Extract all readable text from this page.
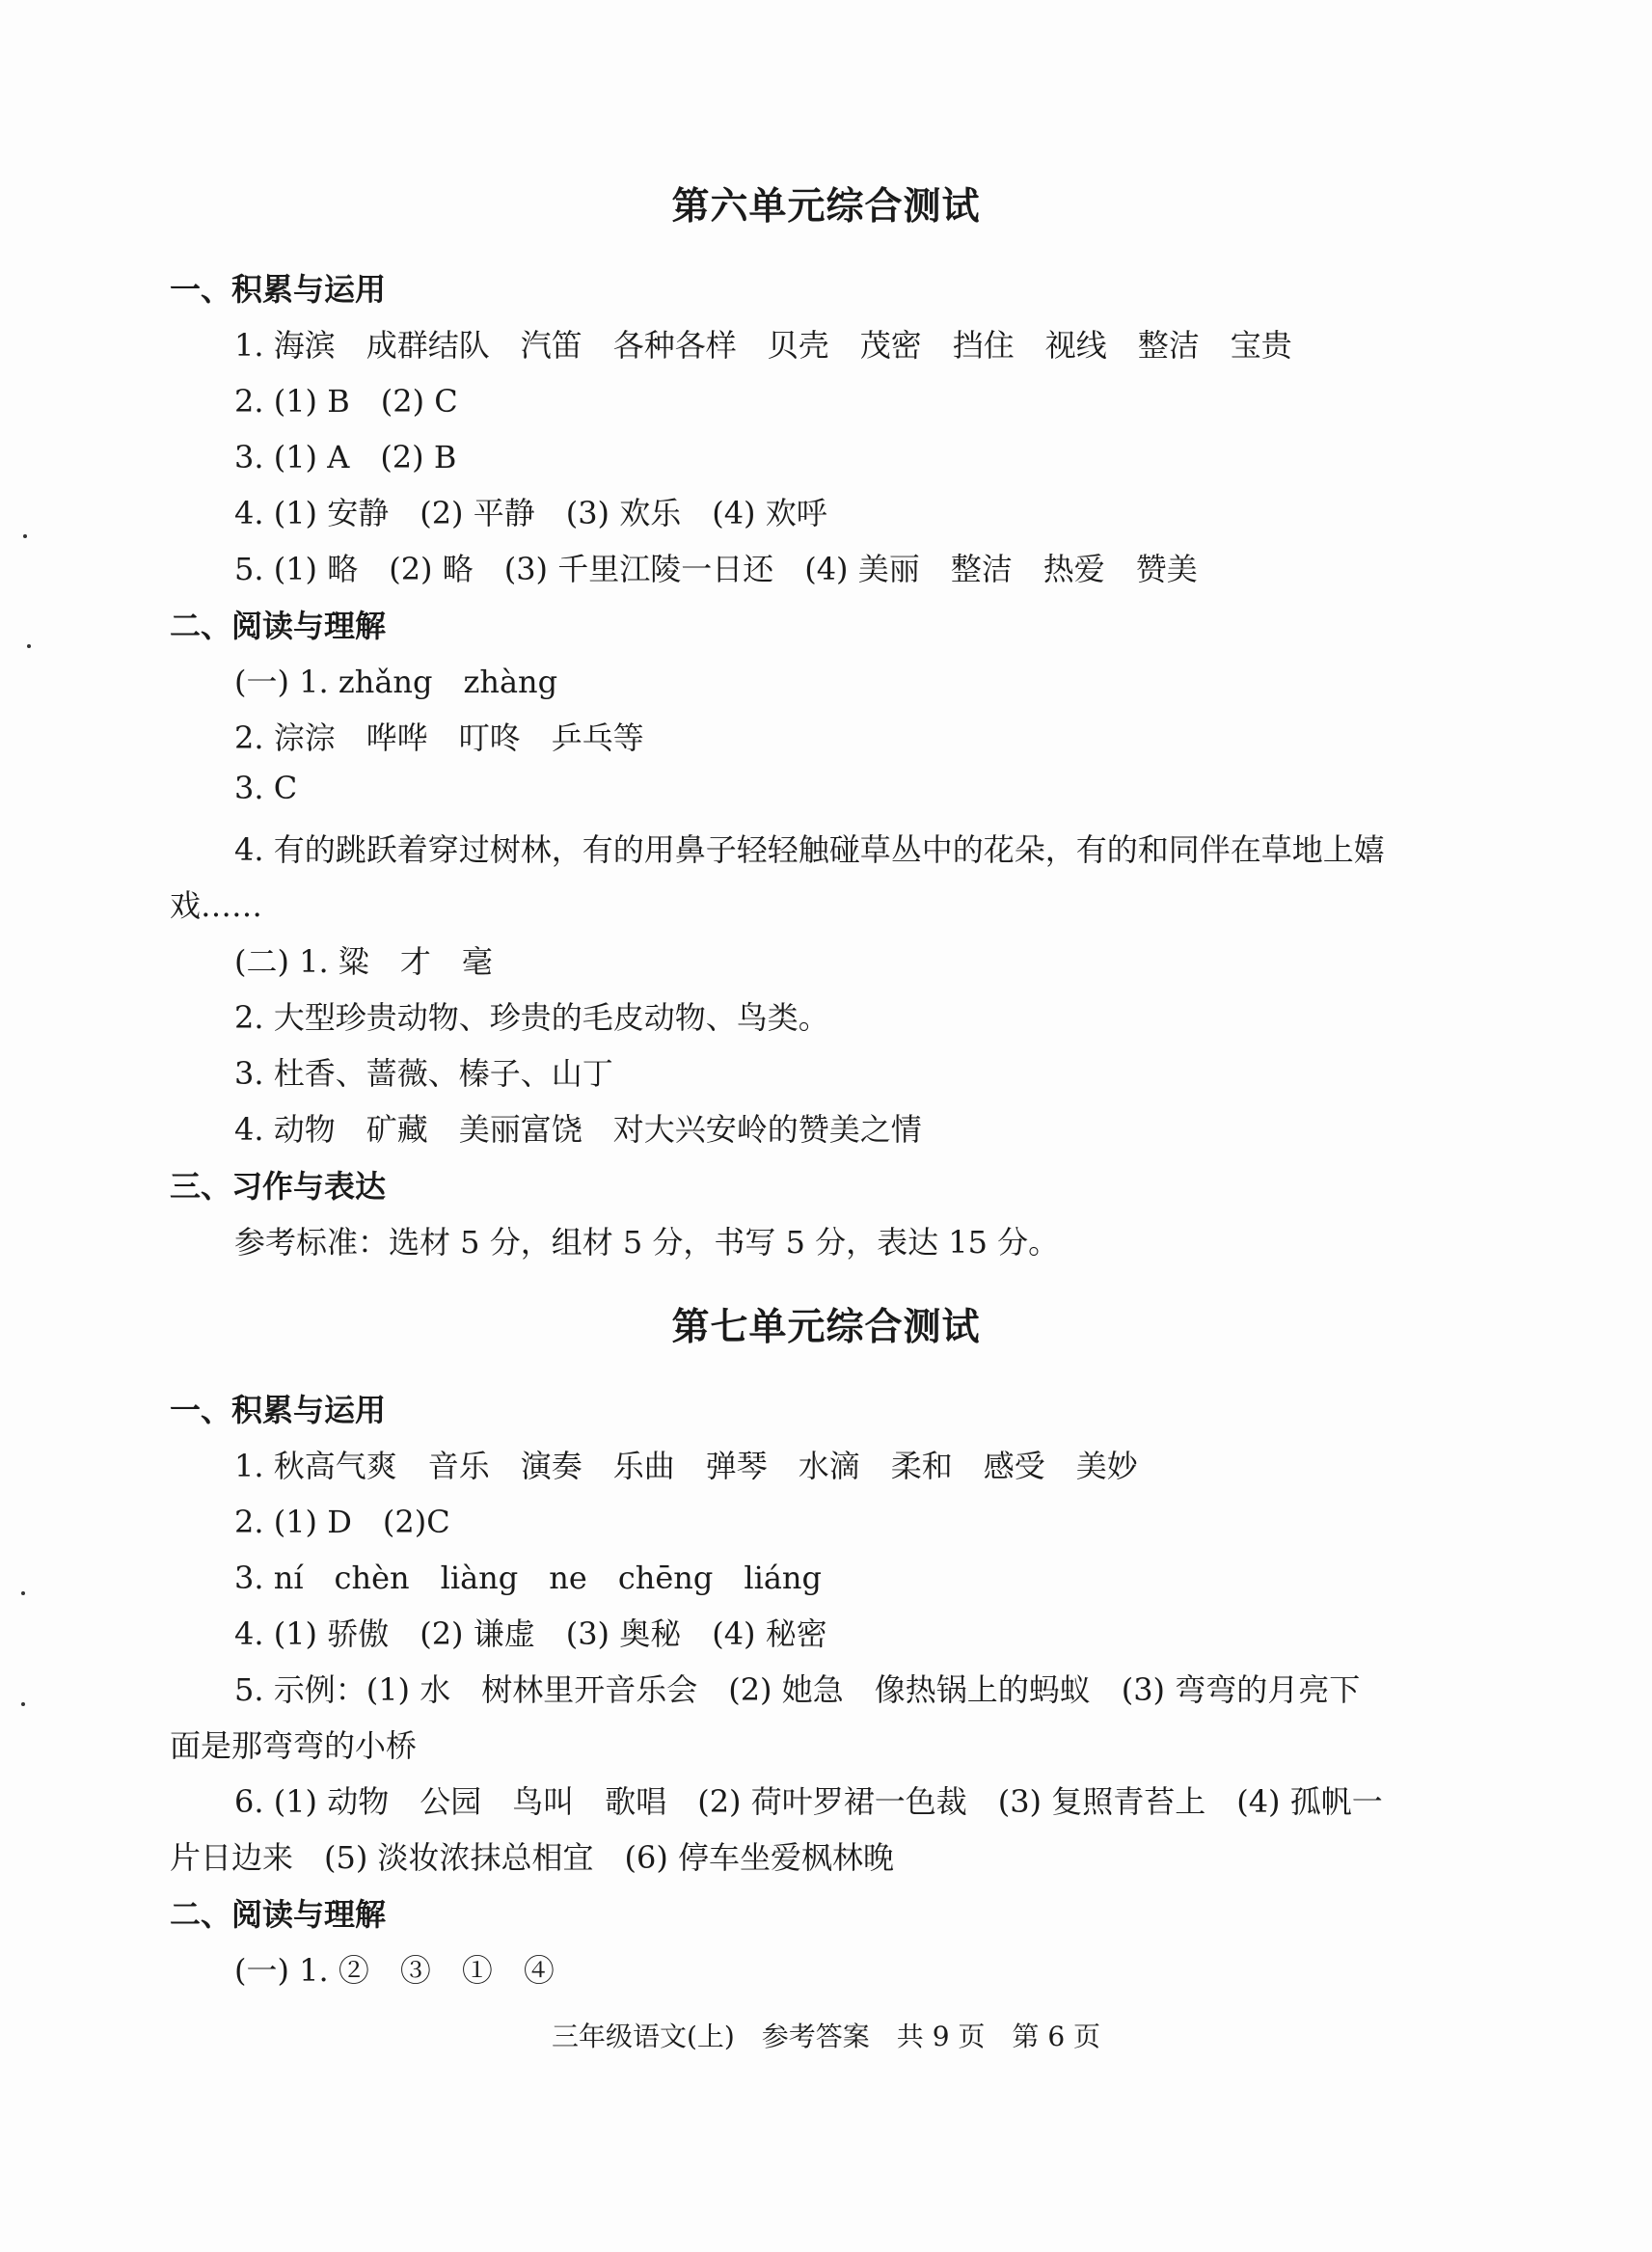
第六单元综合测试
一、积累与运用
1. 海滨　成群结队　汽笛　各种各样　贝壳　茂密　挡住　视线　整洁　宝贵
2. (1) B　(2) C
3. (1) A　(2) B
4. (1) 安静　(2) 平静　(3) 欢乐　(4) 欢呼
5. (1) 略　(2) 略　(3) 千里江陵一日还　(4) 美丽　整洁　热爱　赞美
二、阅读与理解
(一) 1. zhǎng　zhàng
2. 淙淙　哗哗　叮咚　乒乓等
3. C
4. 有的跳跃着穿过树林，有的用鼻子轻轻触碰草丛中的花朵，有的和同伴在草地上嬉
戏……
(二) 1. 粱　才　毫
2. 大型珍贵动物、珍贵的毛皮动物、鸟类。
3. 杜香、蔷薇、榛子、山丁
4. 动物　矿藏　美丽富饶　对大兴安岭的赞美之情
三、习作与表达
参考标准：选材 5 分，组材 5 分，书写 5 分，表达 15 分。
第七单元综合测试
一、积累与运用
1. 秋高气爽　音乐　演奏　乐曲　弹琴　水滴　柔和　感受　美妙
2. (1) D　(2)C
3. ní　chèn　liàng　ne　chēng　liáng
4. (1) 骄傲　(2) 谦虚　(3) 奥秘　(4) 秘密
5. 示例：(1) 水　树林里开音乐会　(2) 她急　像热锅上的蚂蚁　(3) 弯弯的月亮下
面是那弯弯的小桥
6. (1) 动物　公园　鸟叫　歌唱　(2) 荷叶罗裙一色裁　(3) 复照青苔上　(4) 孤帆一
片日边来　(5) 淡妆浓抹总相宜　(6) 停车坐爱枫林晚
二、阅读与理解
(一) 1. ②　③　①　④
三年级语文(上)　参考答案　共 9 页　第 6 页
